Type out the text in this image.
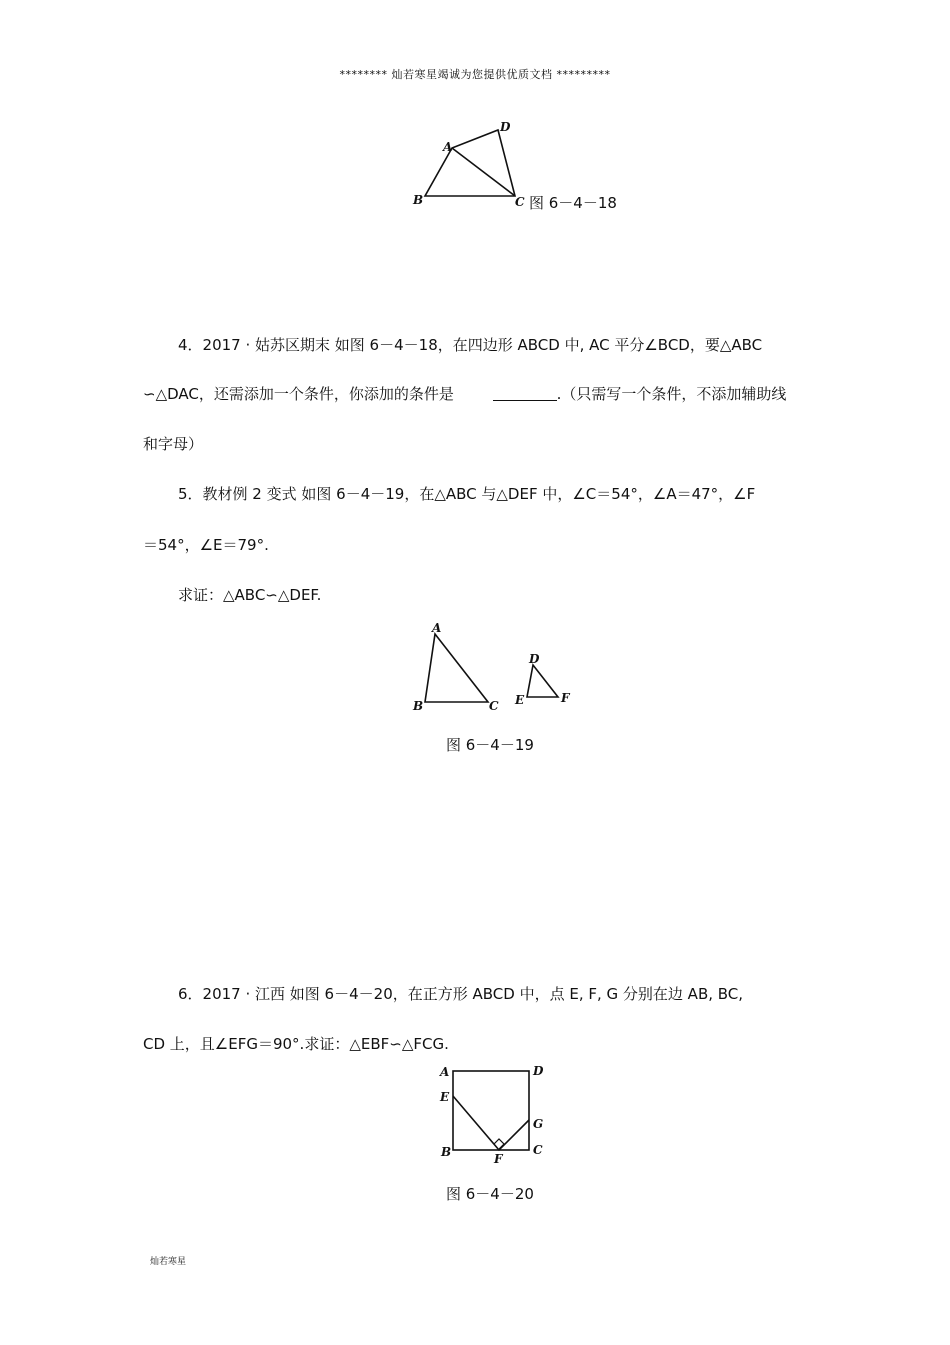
******** 灿若寒星竭诚为您提供优质文档 *********
A
B	C
D
图 6－4－18
4．2017 · 姑苏区期末 如图 6－4－18，在四边形 ABCD 中, AC 平分∠BCD，要△ABC
∽△DAC，还需添加一个条件，你添加的条件是	.（只需写一个条件，不添加辅助线
和字母）
5．教材例 2 变式 如图 6－4－19，在△ABC 与△DEF 中，∠C＝54°，∠A＝47°，∠F
＝54°，∠E＝79°.
求证：△ABC∽△DEF.
A
B	C
D
E	F
图 6－4－19
6．2017 · 江西 如图 6－4－20，在正方形 ABCD 中，点 E, F, G 分别在边 AB, BC,
CD 上，且∠EFG＝90°.求证：△EBF∽△FCG.
A	D
E
G
B	C
F
图 6－4－20
灿若寒星
